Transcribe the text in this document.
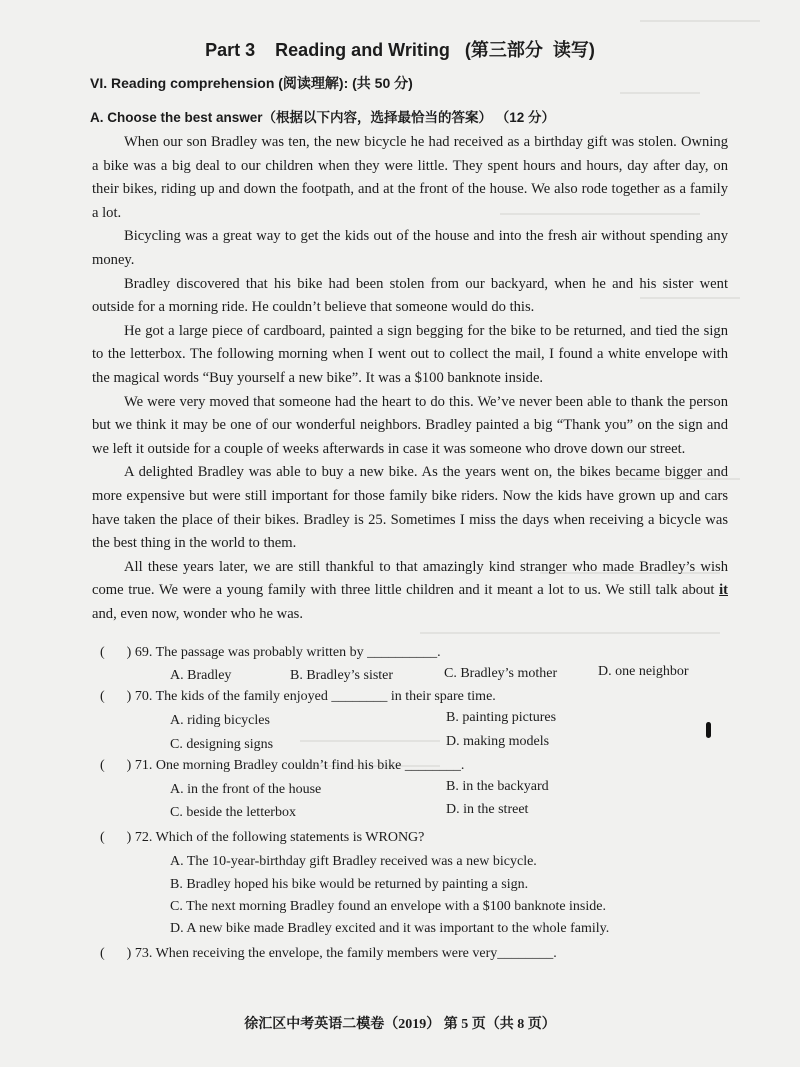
Part 3    Reading and Writing   (第三部分  读写)
VI. Reading comprehension (阅读理解): (共 50 分)
A. Choose the best answer（根据以下内容，选择最恰当的答案） （12 分）

When our son Bradley was ten, the new bicycle he had received as a birthday gift was stolen. Owning a bike was a big deal to our children when they were little. They spent hours and hours, day after day, on their bikes, riding up and down the footpath, and at the front of the house. We also rode together as a family a lot.

Bicycling was a great way to get the kids out of the house and into the fresh air without spending any money.

Bradley discovered that his bike had been stolen from our backyard, when he and his sister went outside for a morning ride. He couldn’t believe that someone would do this.

He got a large piece of cardboard, painted a sign begging for the bike to be returned, and tied the sign to the letterbox. The following morning when I went out to collect the mail, I found a white envelope with the magical words “Buy yourself a new bike”. It was a $100 banknote inside.

We were very moved that someone had the heart to do this. We’ve never been able to thank the person but we think it may be one of our wonderful neighbors. Bradley painted a big “Thank you” on the sign and we left it outside for a couple of weeks afterwards in case it was someone who drove down our street.

A delighted Bradley was able to buy a new bike. As the years went on, the bikes became bigger and more expensive but were still important for those family bike riders. Now the kids have grown up and cars have taken the place of their bikes. Bradley is 25. Sometimes I miss the days when receiving a bicycle was the best thing in the world to them.

All these years later, we are still thankful to that amazingly kind stranger who made Bradley’s wish come true. We were a young family with three little children and it meant a lot to us. We still talk about it and, even now, wonder who he was.

( ) 69. The passage was probably written by __________.
A. Bradley	B. Bradley’s sister	C. Bradley’s mother	D. one neighbor
( ) 70. The kids of the family enjoyed ________ in their spare time.
A. riding bicycles	B. painting pictures
C. designing signs	D. making models
( ) 71. One morning Bradley couldn’t find his bike ________.
A. in the front of the house	B. in the backyard
C. beside the letterbox	D. in the street
( ) 72. Which of the following statements is WRONG?
A. The 10-year-birthday gift Bradley received was a new bicycle.
B. Bradley hoped his bike would be returned by painting a sign.
C. The next morning Bradley found an envelope with a $100 banknote inside.
D. A new bike made Bradley excited and it was important to the whole family.
( ) 73. When receiving the envelope, the family members were very________.
徐汇区中考英语二模卷（2019） 第 5 页（共 8 页）
